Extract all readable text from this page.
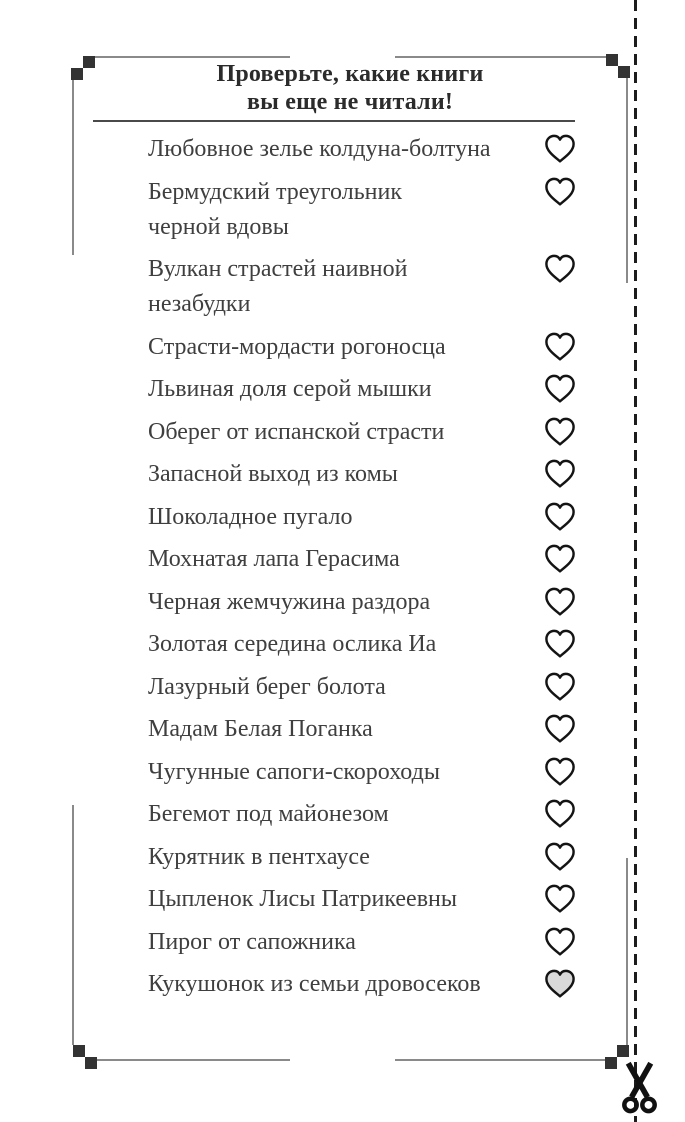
Проверьте, какие книги
вы еще не читали!
Любовное зелье колдуна-болтуна
Бермудский треугольник черной вдовы
Вулкан страстей наивной незабудки
Страсти-мордасти рогоносца
Львиная доля серой мышки
Оберег от испанской страсти
Запасной выход из комы
Шоколадное пугало
Мохнатая лапа Герасима
Черная жемчужина раздора
Золотая середина ослика Иа
Лазурный берег болота
Мадам Белая Поганка
Чугунные сапоги-скороходы
Бегемот под майонезом
Курятник в пентхаусе
Цыпленок Лисы Патрикеевны
Пирог от сапожника
Кукушонок из семьи дровосеков
